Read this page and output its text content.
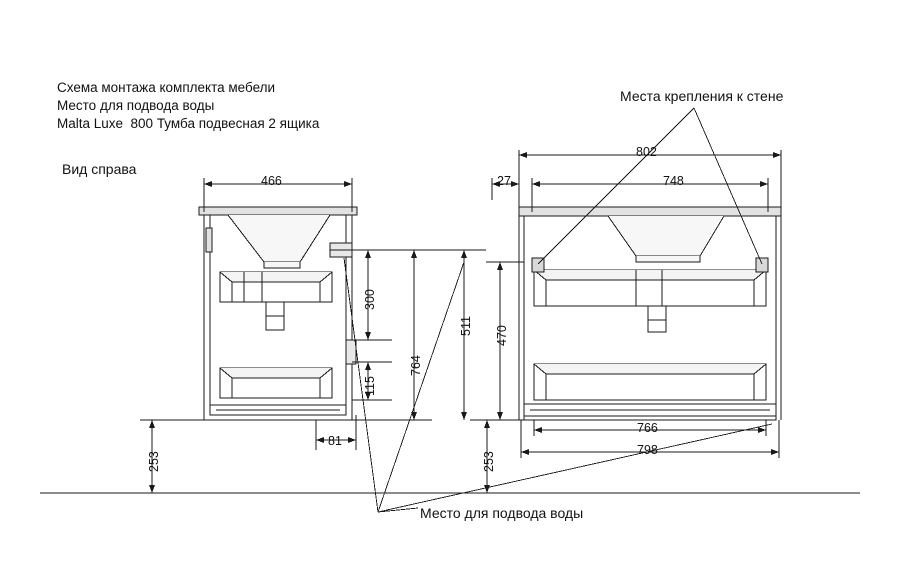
Схема монтажа комплекта мебели
Место для подвода воды
Malta Luxe  800 Тумба подвесная 2 ящика
Вид справа
Места крепления к стене
Место для подвода воды
466
300
115
764
511
81
253
802
27	748
470
253
766
798
